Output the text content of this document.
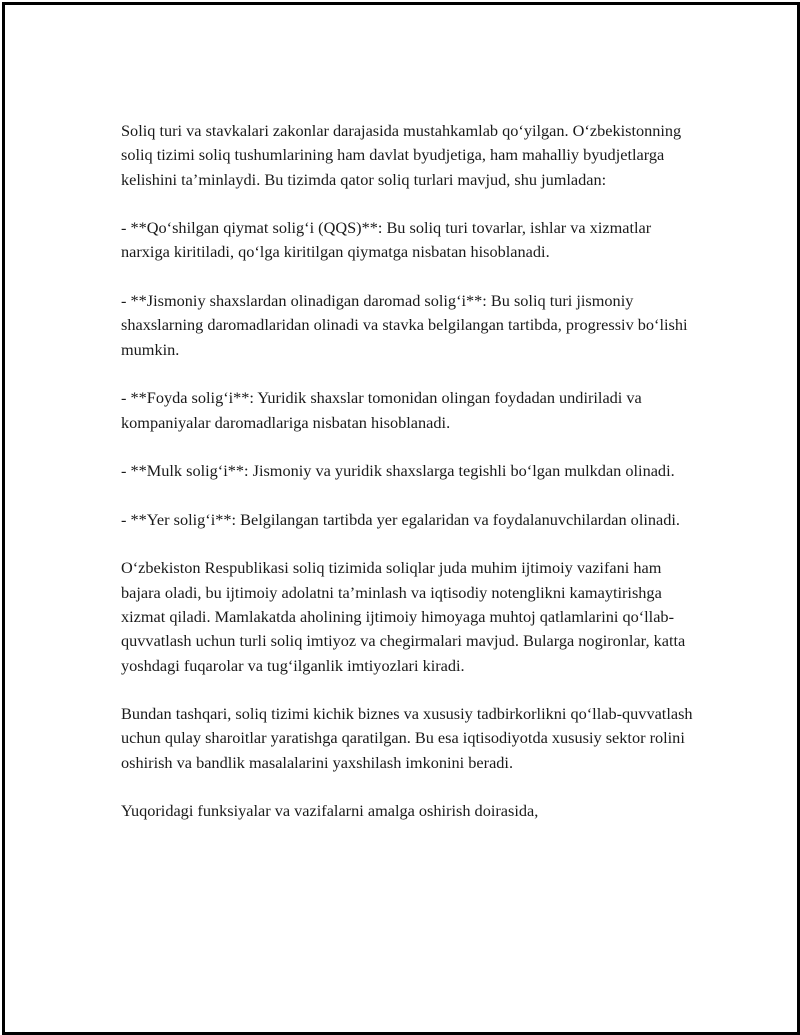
Soliq turi va stavkalari zakonlar darajasida mustahkamlab qo‘yilgan. O‘zbekistonning soliq tizimi soliq tushumlarining ham davlat byudjetiga, ham mahalliy byudjetlarga kelishini ta’minlaydi. Bu tizimda qator soliq turlari mavjud, shu jumladan:

- **Qo‘shilgan qiymat solig‘i (QQS)**: Bu soliq turi tovarlar, ishlar va xizmatlar narxiga kiritiladi, qo‘lga kiritilgan qiymatga nisbatan hisoblanadi.

- **Jismoniy shaxslardan olinadigan daromad solig‘i**: Bu soliq turi jismoniy shaxslarning daromadlaridan olinadi va stavka belgilangan tartibda, progressiv bo‘lishi mumkin.

- **Foyda solig‘i**: Yuridik shaxslar tomonidan olingan foydadan undiriladi va kompaniyalar daromadlariga nisbatan hisoblanadi.

- **Mulk solig‘i**: Jismoniy va yuridik shaxslarga tegishli bo‘lgan mulkdan olinadi.

- **Yer solig‘i**: Belgilangan tartibda yer egalaridan va foydalanuvchilardan olinadi.

O‘zbekiston Respublikasi soliq tizimida soliqlar juda muhim ijtimoiy vazifani ham bajara oladi, bu ijtimoiy adolatni ta’minlash va iqtisodiy notenglikni kamaytirishga xizmat qiladi. Mamlakatda aholining ijtimoiy himoyaga muhtoj qatlamlarini qo‘llab-quvvatlash uchun turli soliq imtiyoz va chegirmalari mavjud. Bularga nogironlar, katta yoshdagi fuqarolar va tug‘ilganlik imtiyozlari kiradi.

Bundan tashqari, soliq tizimi kichik biznes va xususiy tadbirkorlikni qo‘llab-quvvatlash uchun qulay sharoitlar yaratishga qaratilgan. Bu esa iqtisodiyotda xususiy sektor rolini oshirish va bandlik masalalarini yaxshilash imkonini beradi.

Yuqoridagi funksiyalar va vazifalarni amalga oshirish doirasida,
